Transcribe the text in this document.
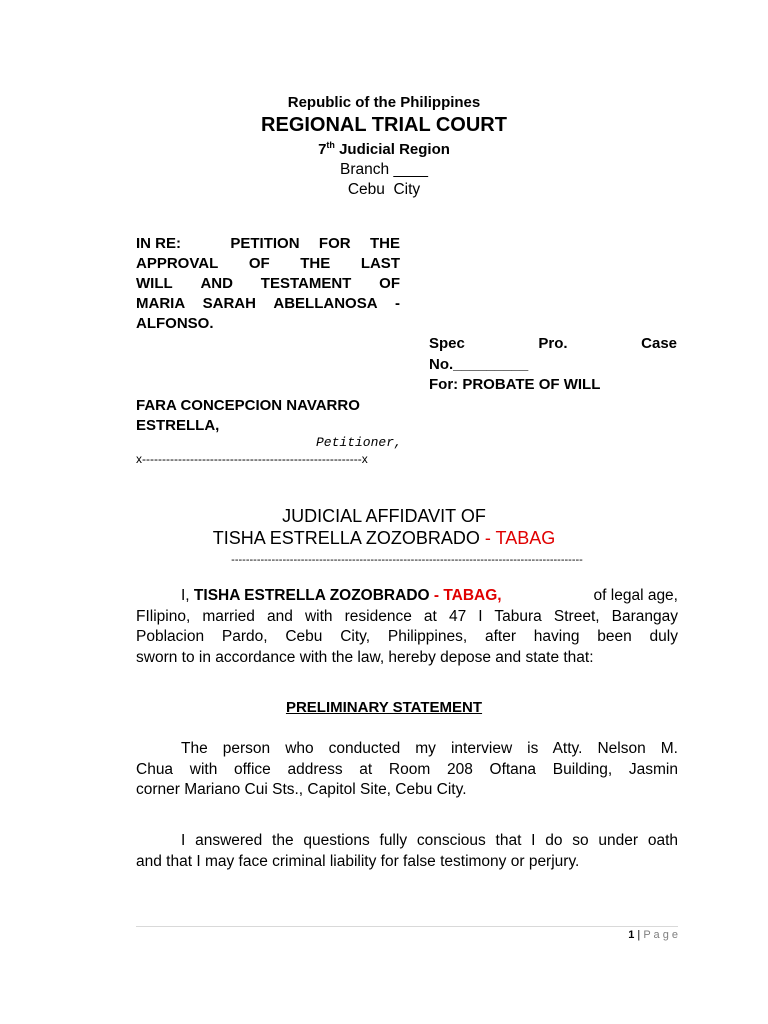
Republic of the Philippines
REGIONAL TRIAL COURT
7th Judicial Region
Branch ____
Cebu  City
IN RE:	PETITION FOR THE
APPROVAL OF THE LAST
WILL AND TESTAMENT OF
MARIA SARAH ABELLANOSA -
ALFONSO.
Spec	Pro.	Case
No._________
For: PROBATE OF WILL
FARA CONCEPCION NAVARRO
ESTRELLA,
Petitioner,
x-------------------------------------------------------x
JUDICIAL AFFIDAVIT OF
TISHA ESTRELLA ZOZOBRADO - TABAG
------------------------------------------------------------------------------------------------
I, TISHA ESTRELLA ZOZOBRADO - TABAG,	of legal age,
FIlipino, married and with residence at 47 I Tabura Street, Barangay
Poblacion Pardo, Cebu City, Philippines, after having been duly
sworn to in accordance with the law, hereby depose and state that:
PRELIMINARY STATEMENT
The person who conducted my interview is Atty. Nelson M.
Chua with office address at Room 208 Oftana Building, Jasmin
corner Mariano Cui Sts., Capitol Site, Cebu City.
I answered the questions fully conscious that I do so under oath
and that I may face criminal liability for false testimony or perjury.
1 | P a g e
